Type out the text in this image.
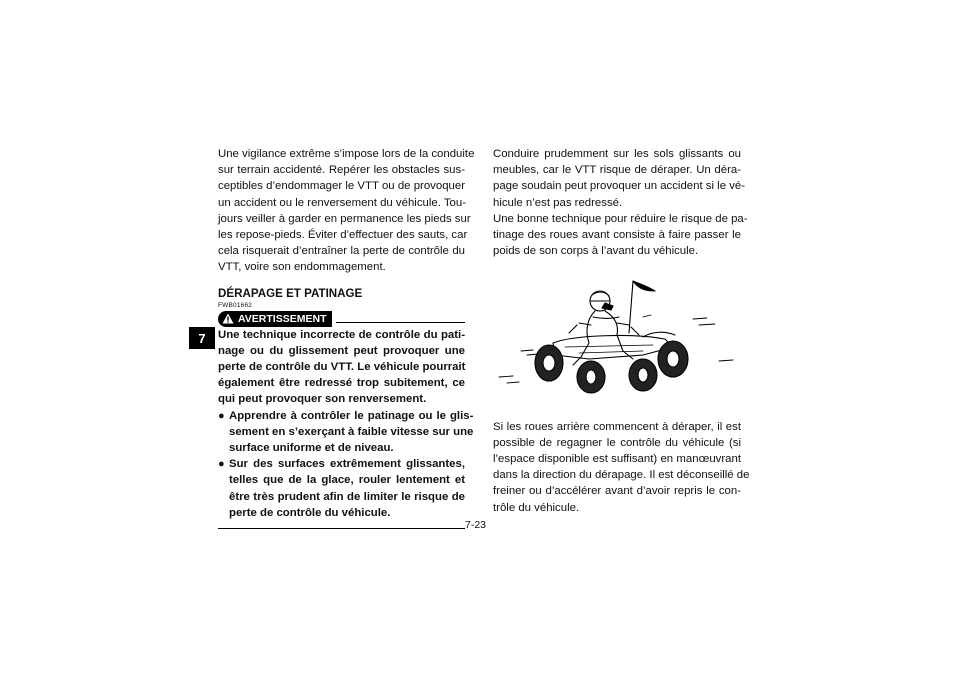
7
Une vigilance extrême s’impose lors de la conduite
sur terrain accidenté. Repérer les obstacles sus-
ceptibles d’endommager le VTT ou de provoquer
un accident ou le renversement du véhicule. Tou-
jours veiller à garder en permanence les pieds sur
les repose-pieds. Éviter d’effectuer des sauts, car
cela risquerait d’entraîner la perte de contrôle du
VTT, voire son endommagement.
DÉRAPAGE ET PATINAGE
FWB01662
AVERTISSEMENT
Une technique incorrecte de contrôle du pati-
nage ou du glissement peut provoquer une
perte de contrôle du VTT. Le véhicule pourrait
également être redressé trop subitement, ce
qui peut provoquer son renversement.
● Apprendre à contrôler le patinage ou le glis-
sement en s’exerçant à faible vitesse sur une
surface uniforme et de niveau.
● Sur des surfaces extrêmement glissantes,
telles que de la glace, rouler lentement et
être très prudent afin de limiter le risque de
perte de contrôle du véhicule.
Conduire prudemment sur les sols glissants ou
meubles, car le VTT risque de déraper. Un déra-
page soudain peut provoquer un accident si le vé-
hicule n’est pas redressé.
Une bonne technique pour réduire le risque de pa-
tinage des roues avant consiste à faire passer le
poids de son corps à l’avant du véhicule.
Si les roues arrière commencent à déraper, il est
possible de regagner le contrôle du véhicule (si
l’espace disponible est suffisant) en manœuvrant
dans la direction du dérapage. Il est déconseillé de
freiner ou d’accélérer avant d’avoir repris le con-
trôle du véhicule.
7-23
